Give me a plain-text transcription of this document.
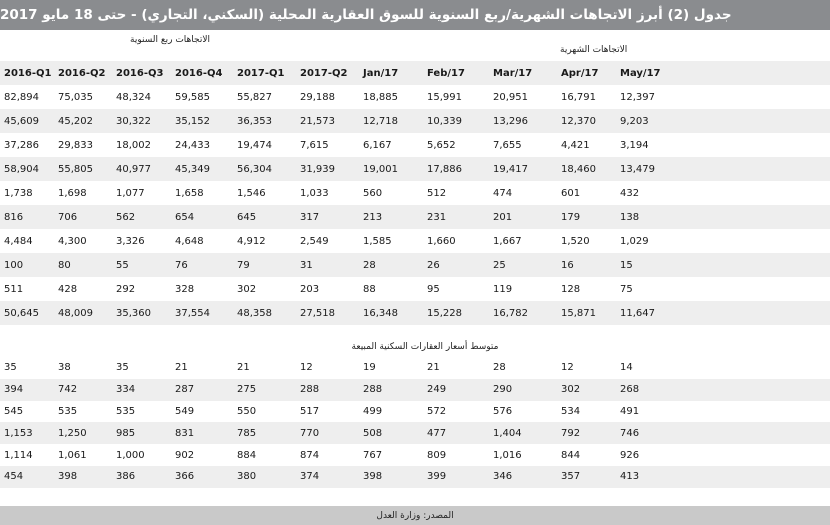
جدول (2) أبرز الاتجاهات الشهرية/ربع السنوية للسوق العقارية المحلية (السكني، التجاري) - حتى 18 مايو 2017
الاتجاهات ربع السنوية
الاتجاهات الشهرية
2016-Q1	2016-Q2	2016-Q3	2016-Q4	2017-Q1	2017-Q2	Jan/17	Feb/17	Mar/17	Apr/17	May/17	
82,894	75,035	48,324	59,585	55,827	29,188	18,885	15,991	20,951	16,791	12,397	
45,609	45,202	30,322	35,152	36,353	21,573	12,718	10,339	13,296	12,370	9,203	
37,286	29,833	18,002	24,433	19,474	7,615	6,167	5,652	7,655	4,421	3,194	
58,904	55,805	40,977	45,349	56,304	31,939	19,001	17,886	19,417	18,460	13,479	
1,738	1,698	1,077	1,658	1,546	1,033	560	512	474	601	432	
816	706	562	654	645	317	213	231	201	179	138	
4,484	4,300	3,326	4,648	4,912	2,549	1,585	1,660	1,667	1,520	1,029	
100	80	55	76	79	31	28	26	25	16	15	
511	428	292	328	302	203	88	95	119	128	75	
50,645	48,009	35,360	37,554	48,358	27,518	16,348	15,228	16,782	15,871	11,647	
متوسط أسعار العقارات السكنية المبيعة
35	38	35	21	21	12	19	21	28	12	14	
394	742	334	287	275	288	288	249	290	302	268	
545	535	535	549	550	517	499	572	576	534	491	
1,153	1,250	985	831	785	770	508	477	1,404	792	746	
1,114	1,061	1,000	902	884	874	767	809	1,016	844	926	
454	398	386	366	380	374	398	399	346	357	413	
المصدر: وزارة العدل
